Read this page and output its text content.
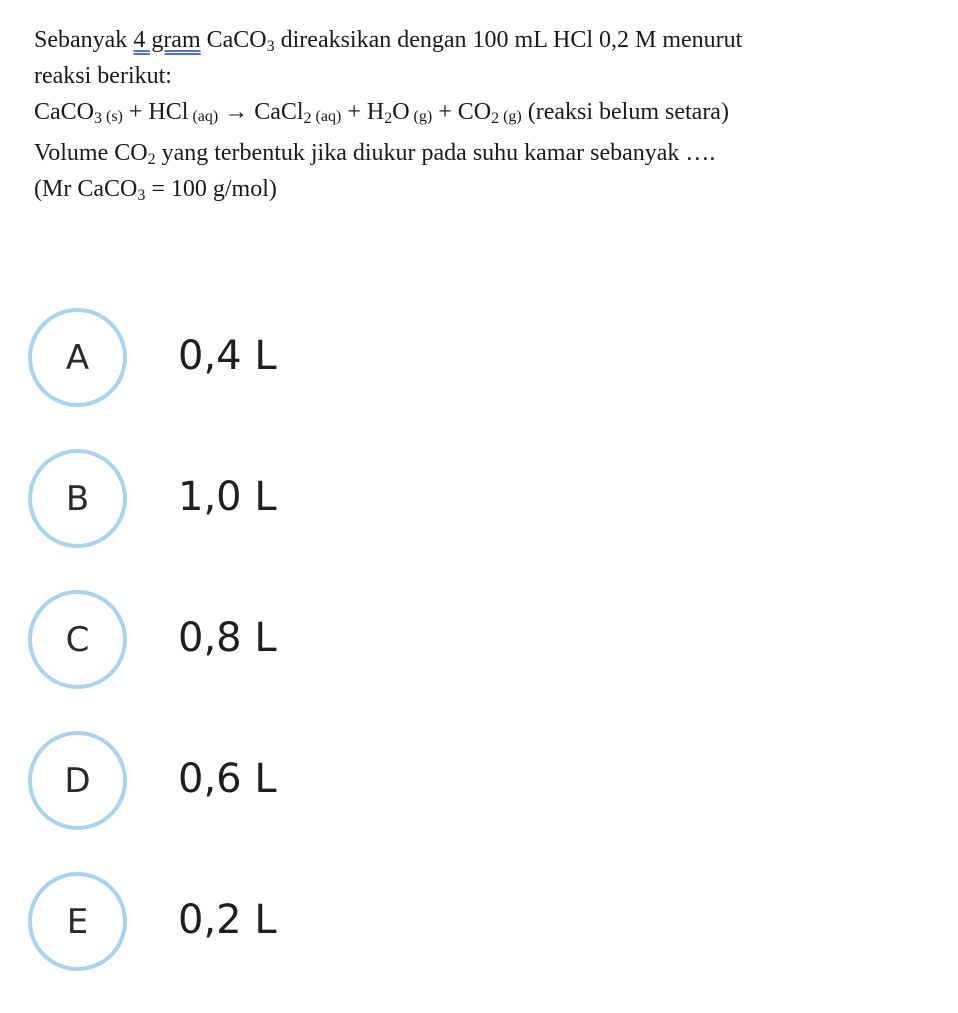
Sebanyak 4 gram CaCO$_3$ direaksikan dengan 100 mL HCl 0,2 M menurut
reaksi berikut:
CaCO$_3$ (s) + HCl (aq) → CaCl$_2$ $(aq) + H_2O$ $(g) + CO_2$ (g) (reaksi belum setara)
Volume $CO_2$ yang terbentuk jika diukur pada suhu kamar sebanyak ….
(Mr CaCO$_3$ = 100 g/mol)
A	0,4 L
B	1,0 L
C	0,8 L
D	0,6 L
E	0,2 L
